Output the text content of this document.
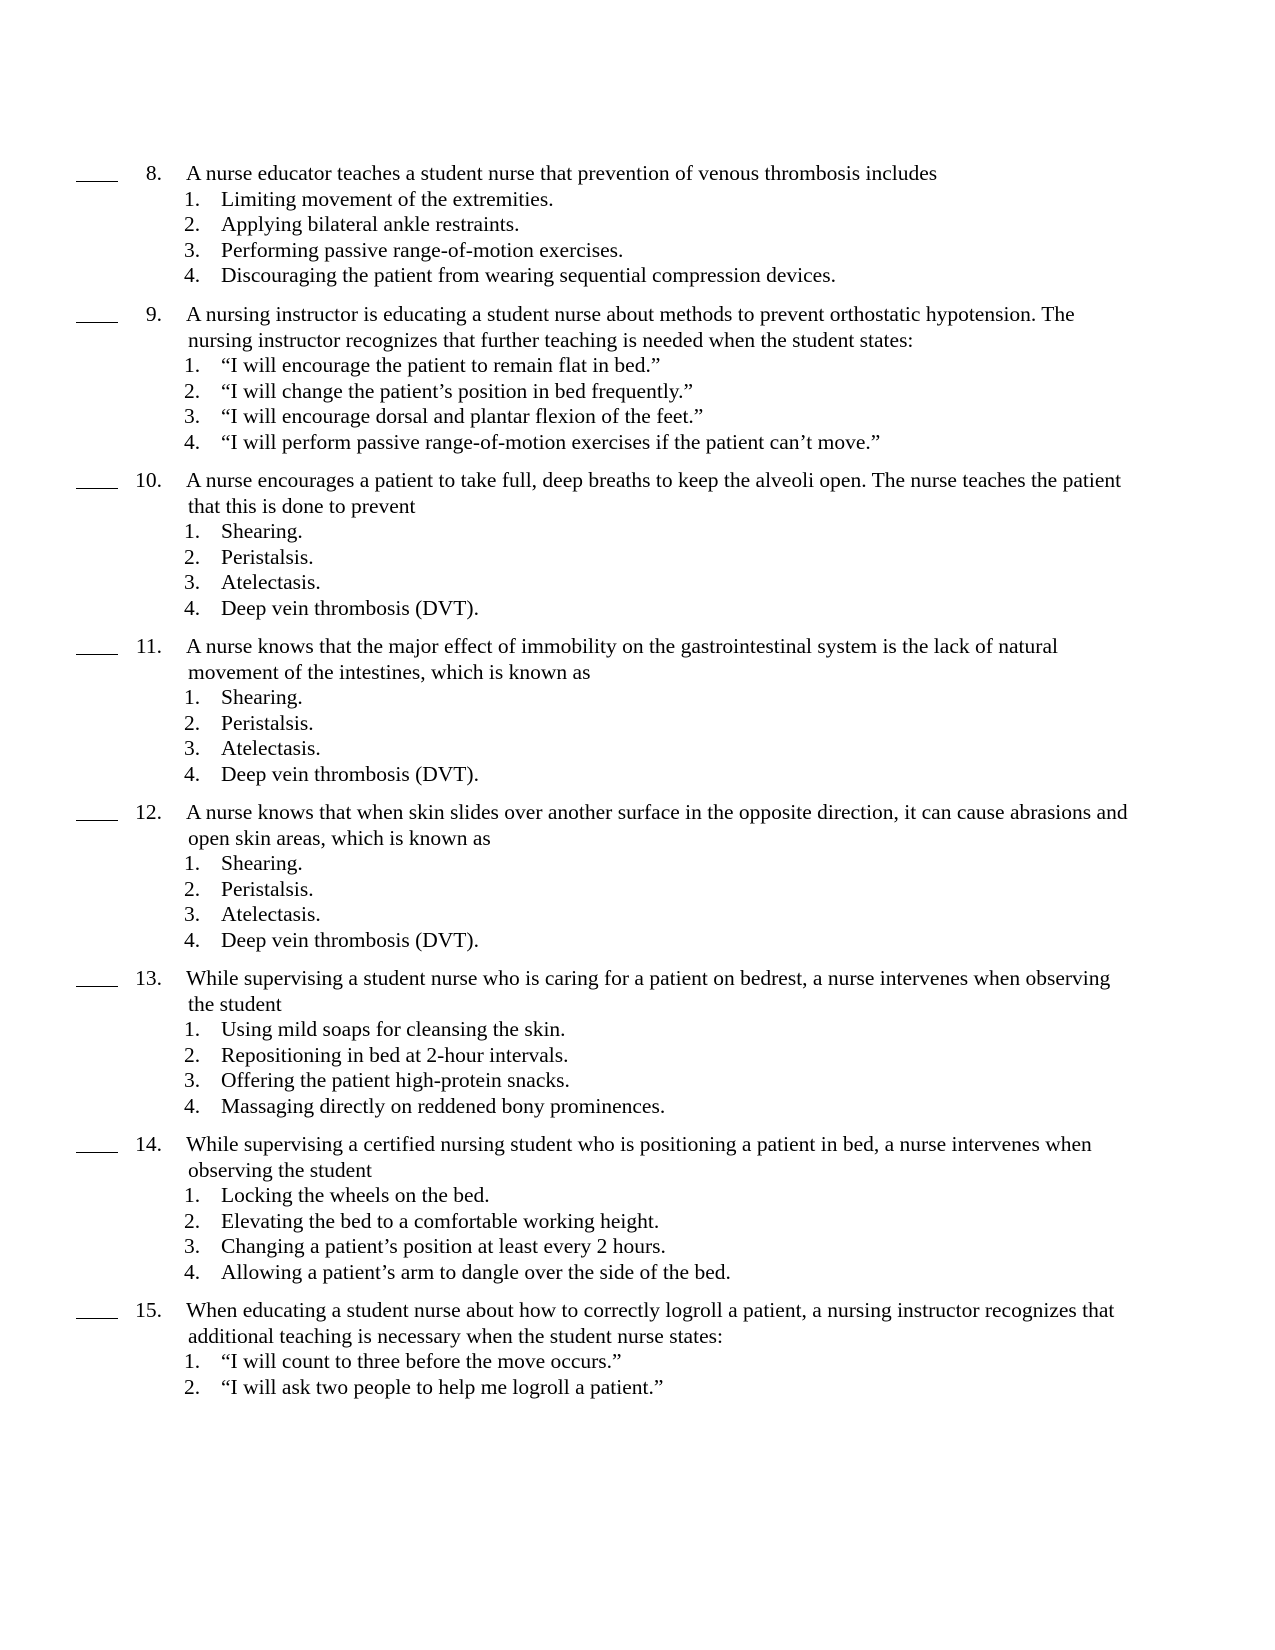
8. A nurse educator teaches a student nurse that prevention of venous thrombosis includes
1. Limiting movement of the extremities.
2. Applying bilateral ankle restraints.
3. Performing passive range-of-motion exercises.
4. Discouraging the patient from wearing sequential compression devices.
9. A nursing instructor is educating a student nurse about methods to prevent orthostatic hypotension. The
nursing instructor recognizes that further teaching is needed when the student states:
1. “I will encourage the patient to remain flat in bed.”
2. “I will change the patient’s position in bed frequently.”
3. “I will encourage dorsal and plantar flexion of the feet.”
4. “I will perform passive range-of-motion exercises if the patient can’t move.”
10. A nurse encourages a patient to take full, deep breaths to keep the alveoli open. The nurse teaches the patient
that this is done to prevent
1. Shearing.
2. Peristalsis.
3. Atelectasis.
4. Deep vein thrombosis (DVT).
11. A nurse knows that the major effect of immobility on the gastrointestinal system is the lack of natural
movement of the intestines, which is known as
1. Shearing.
2. Peristalsis.
3. Atelectasis.
4. Deep vein thrombosis (DVT).
12. A nurse knows that when skin slides over another surface in the opposite direction, it can cause abrasions and
open skin areas, which is known as
1. Shearing.
2. Peristalsis.
3. Atelectasis.
4. Deep vein thrombosis (DVT).
13. While supervising a student nurse who is caring for a patient on bedrest, a nurse intervenes when observing
the student
1. Using mild soaps for cleansing the skin.
2. Repositioning in bed at 2-hour intervals.
3. Offering the patient high-protein snacks.
4. Massaging directly on reddened bony prominences.
14. While supervising a certified nursing student who is positioning a patient in bed, a nurse intervenes when
observing the student
1. Locking the wheels on the bed.
2. Elevating the bed to a comfortable working height.
3. Changing a patient’s position at least every 2 hours.
4. Allowing a patient’s arm to dangle over the side of the bed.
15. When educating a student nurse about how to correctly logroll a patient, a nursing instructor recognizes that
additional teaching is necessary when the student nurse states:
1. “I will count to three before the move occurs.”
2. “I will ask two people to help me logroll a patient.”
